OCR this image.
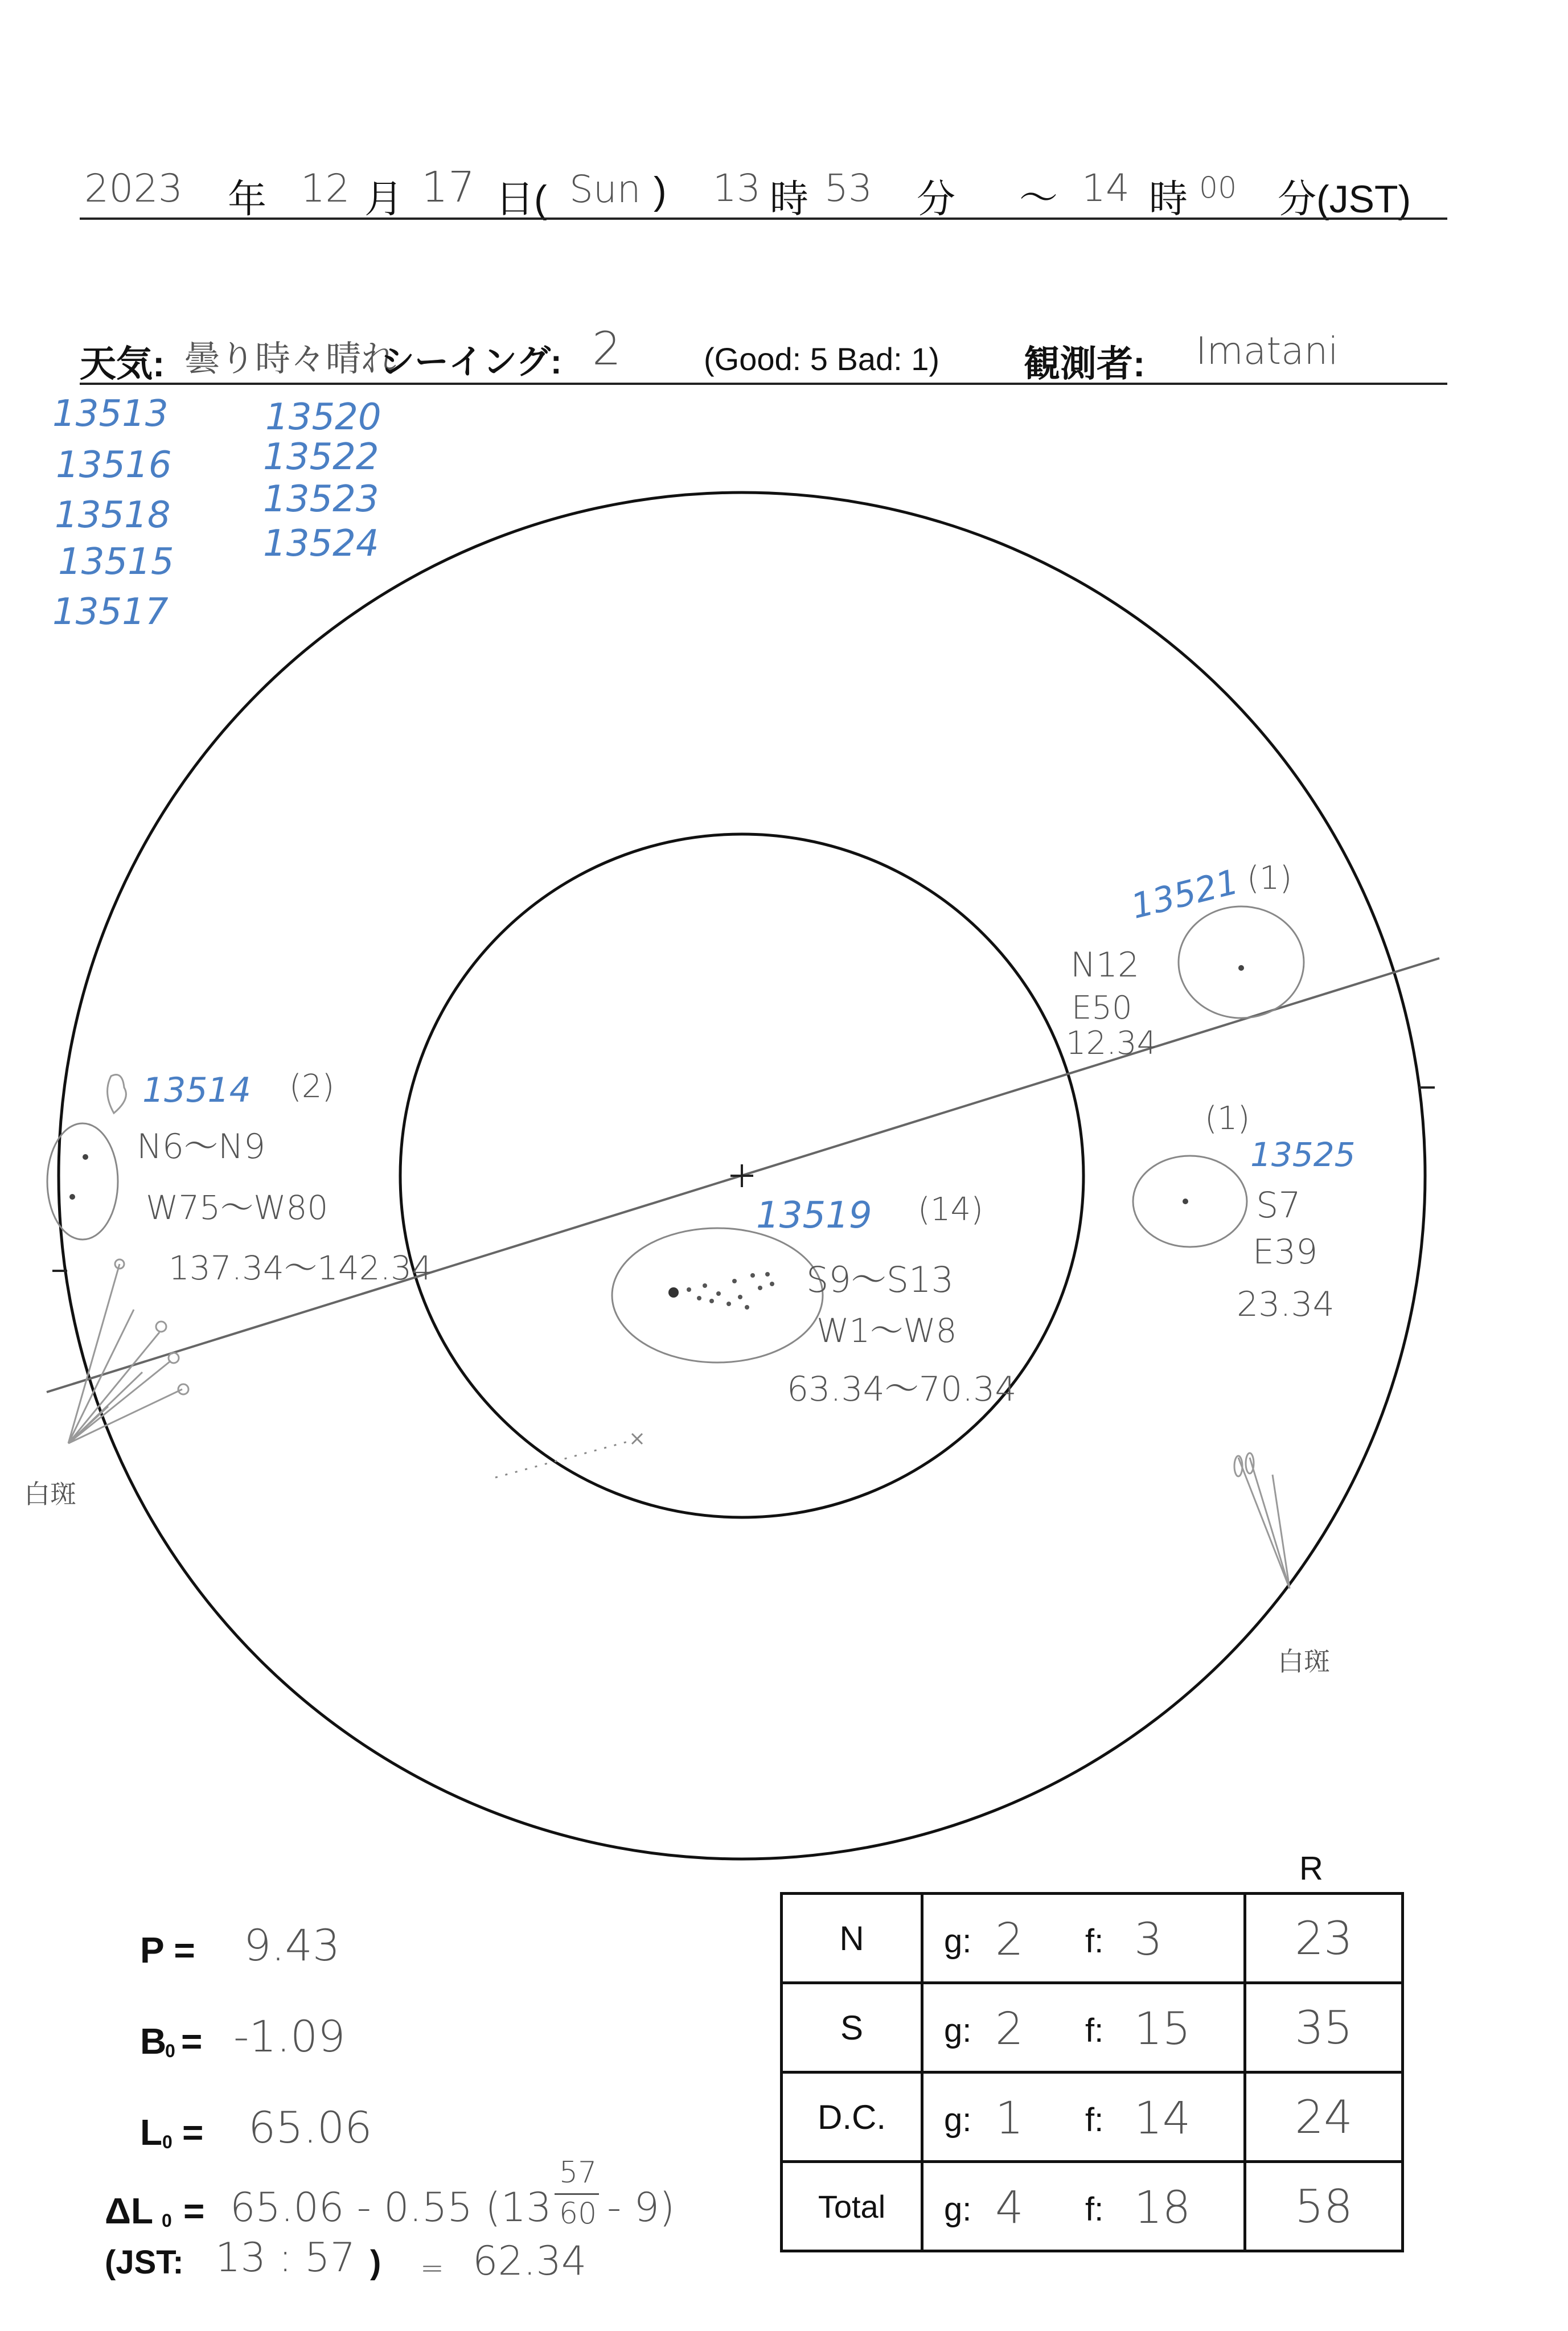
2023 年 12 月 17 日( Sun ) 13 時 53 分 ～ 14 時 00 分(JST)
天気: 曇り時々晴れ
シーイング: 2	(Good: 5 Bad: 1) 観測者: Imatani
13513
13516
13518
13515
13517
13520
13522
13523
13524
13521 (1)
N12
E50
12.34
13514 (2)
N6～N9
W75～W80
137.34～142.34
13519 (14)
S9～S13
W1～W8
63.34～70.34
(1)
13525
S7
E39
23.34
白斑
白斑
P = 9.43
B
0 = -1.09
L 0 = 65.06
ΔL 0 = 65.06 - 0.55 (13
57
60 - 9)
(JST: 13 : 57 ) = 62.34
R
N	g: 2 f: 3	23
S	g: 2 f: 15	35
D.C.	g: 1 f: 14	24
Total	g: 4 f: 18	58
